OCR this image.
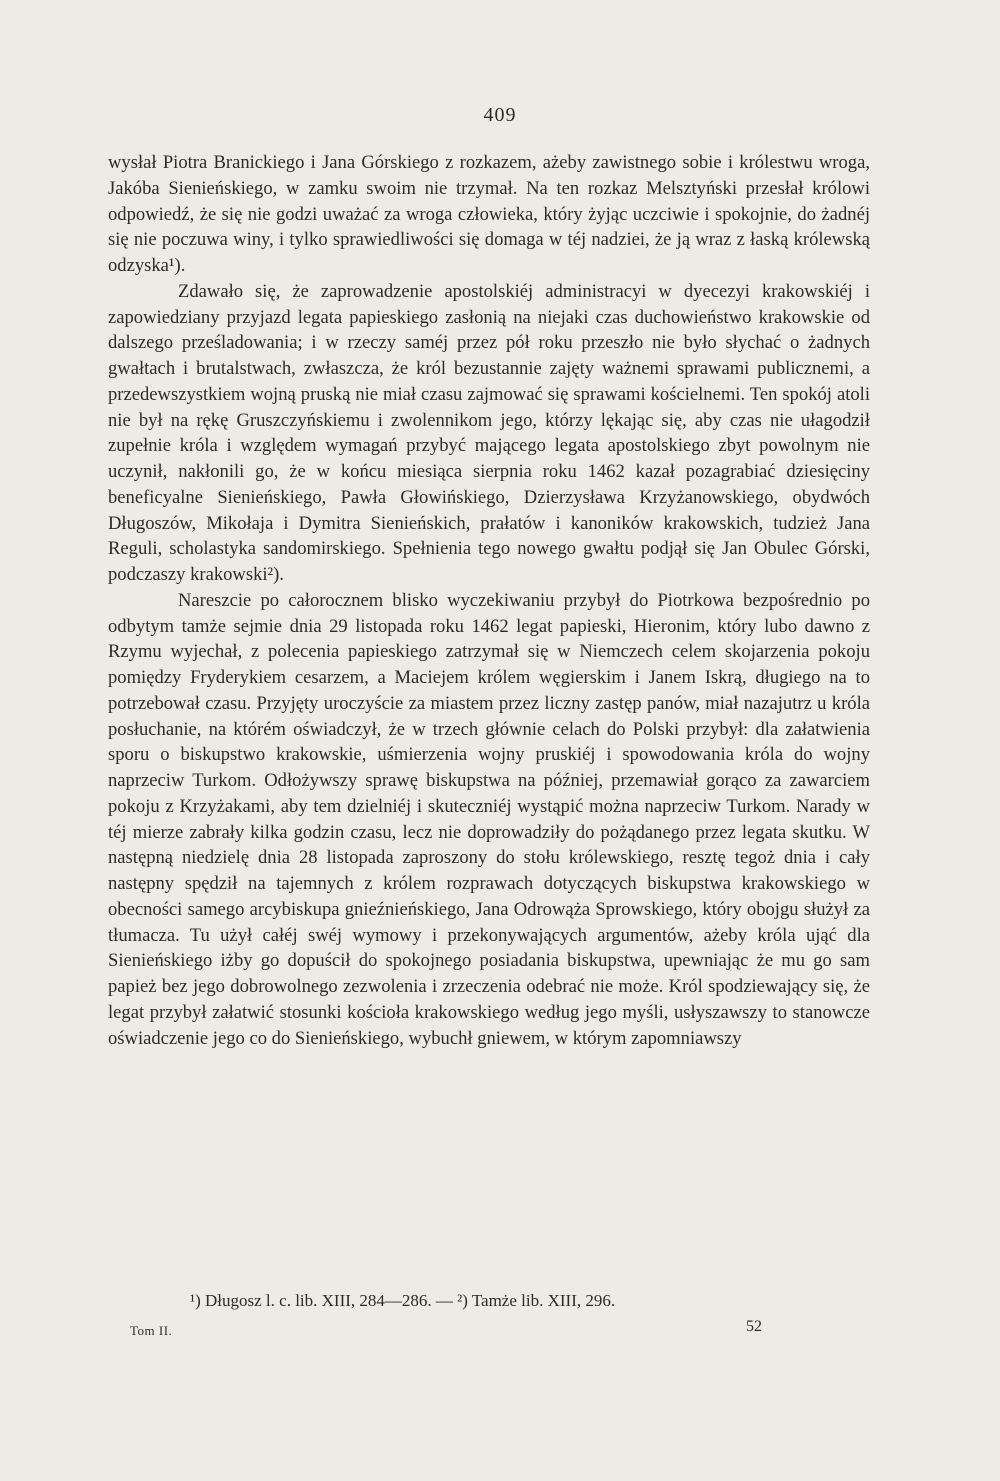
409

wysłał Piotra Branickiego i Jana Górskiego z rozkazem, ażeby zawistnego sobie i królestwu wroga, Jakóba Sienieńskiego, w zamku swoim nie trzymał. Na ten rozkaz Melsztyński przesłał królowi odpowiedź, że się nie godzi uważać za wroga człowieka, który żyjąc uczciwie i spokojnie, do żadnéj się nie poczuwa winy, i tylko sprawiedliwości się domaga w téj nadziei, że ją wraz z łaską królewską odzyska¹).

Zdawało się, że zaprowadzenie apostolskiéj administracyi w dyecezyi krakowskiéj i zapowiedziany przyjazd legata papieskiego zasłonią na niejaki czas duchowieństwo krakowskie od dalszego prześladowania; i w rzeczy saméj przez pół roku przeszło nie było słychać o żadnych gwałtach i brutalstwach, zwłaszcza, że król bezustannie zajęty ważnemi sprawami publicznemi, a przedewszystkiem wojną pruską nie miał czasu zajmować się sprawami kościelnemi. Ten spokój atoli nie był na rękę Gruszczyńskiemu i zwolennikom jego, którzy lękając się, aby czas nie ułagodził zupełnie króla i względem wymagań przybyć mającego legata apostolskiego zbyt powolnym nie uczynił, nakłonili go, że w końcu miesiąca sierpnia roku 1462 kazał pozagrabiać dziesięciny beneficyalne Sienieńskiego, Pawła Głowińskiego, Dzierzysława Krzyżanowskiego, obydwóch Długoszów, Mikołaja i Dymitra Sienieńskich, prałatów i kanoników krakowskich, tudzież Jana Reguli, scholastyka sandomirskiego. Spełnienia tego nowego gwałtu podjął się Jan Obulec Górski, podczaszy krakowski²).

Nareszcie po całorocznem blisko wyczekiwaniu przybył do Piotrkowa bezpośrednio po odbytym tamże sejmie dnia 29 listopada roku 1462 legat papieski, Hieronim, który lubo dawno z Rzymu wyjechał, z polecenia papieskiego zatrzymał się w Niemczech celem skojarzenia pokoju pomiędzy Fryderykiem cesarzem, a Maciejem królem węgierskim i Janem Iskrą, długiego na to potrzebował czasu. Przyjęty uroczyście za miastem przez liczny zastęp panów, miał nazajutrz u króla posłuchanie, na którém oświadczył, że w trzech głównie celach do Polski przybył: dla załatwienia sporu o biskupstwo krakowskie, uśmierzenia wojny pruskiéj i spowodowania króla do wojny naprzeciw Turkom. Odłożywszy sprawę biskupstwa na później, przemawiał gorąco za zawarciem pokoju z Krzyżakami, aby tem dzielniéj i skuteczniéj wystąpić można naprzeciw Turkom. Narady w téj mierze zabrały kilka godzin czasu, lecz nie doprowadziły do pożądanego przez legata skutku. W następną niedzielę dnia 28 listopada zaproszony do stołu królewskiego, resztę tegoż dnia i cały następny spędził na tajemnych z królem rozprawach dotyczących biskupstwa krakowskiego w obecności samego arcybiskupa gnieźnieńskiego, Jana Odrowąża Sprowskiego, który obojgu służył za tłumacza. Tu użył całéj swéj wymowy i przekonywających argumentów, ażeby króla ująć dla Sienieńskiego iżby go dopuścił do spokojnego posiadania biskupstwa, upewniając że mu go sam papież bez jego dobrowolnego zezwolenia i zrzeczenia odebrać nie może. Król spodziewający się, że legat przybył załatwić stosunki kościoła krakowskiego według jego myśli, usłyszawszy to stanowcze oświadczenie jego co do Sienieńskiego, wybuchł gniewem, w którym zapomniawszy

¹) Długosz l. c. lib. XIII, 284—286. — ²) Tamże lib. XIII, 296.
Tom II.	52
